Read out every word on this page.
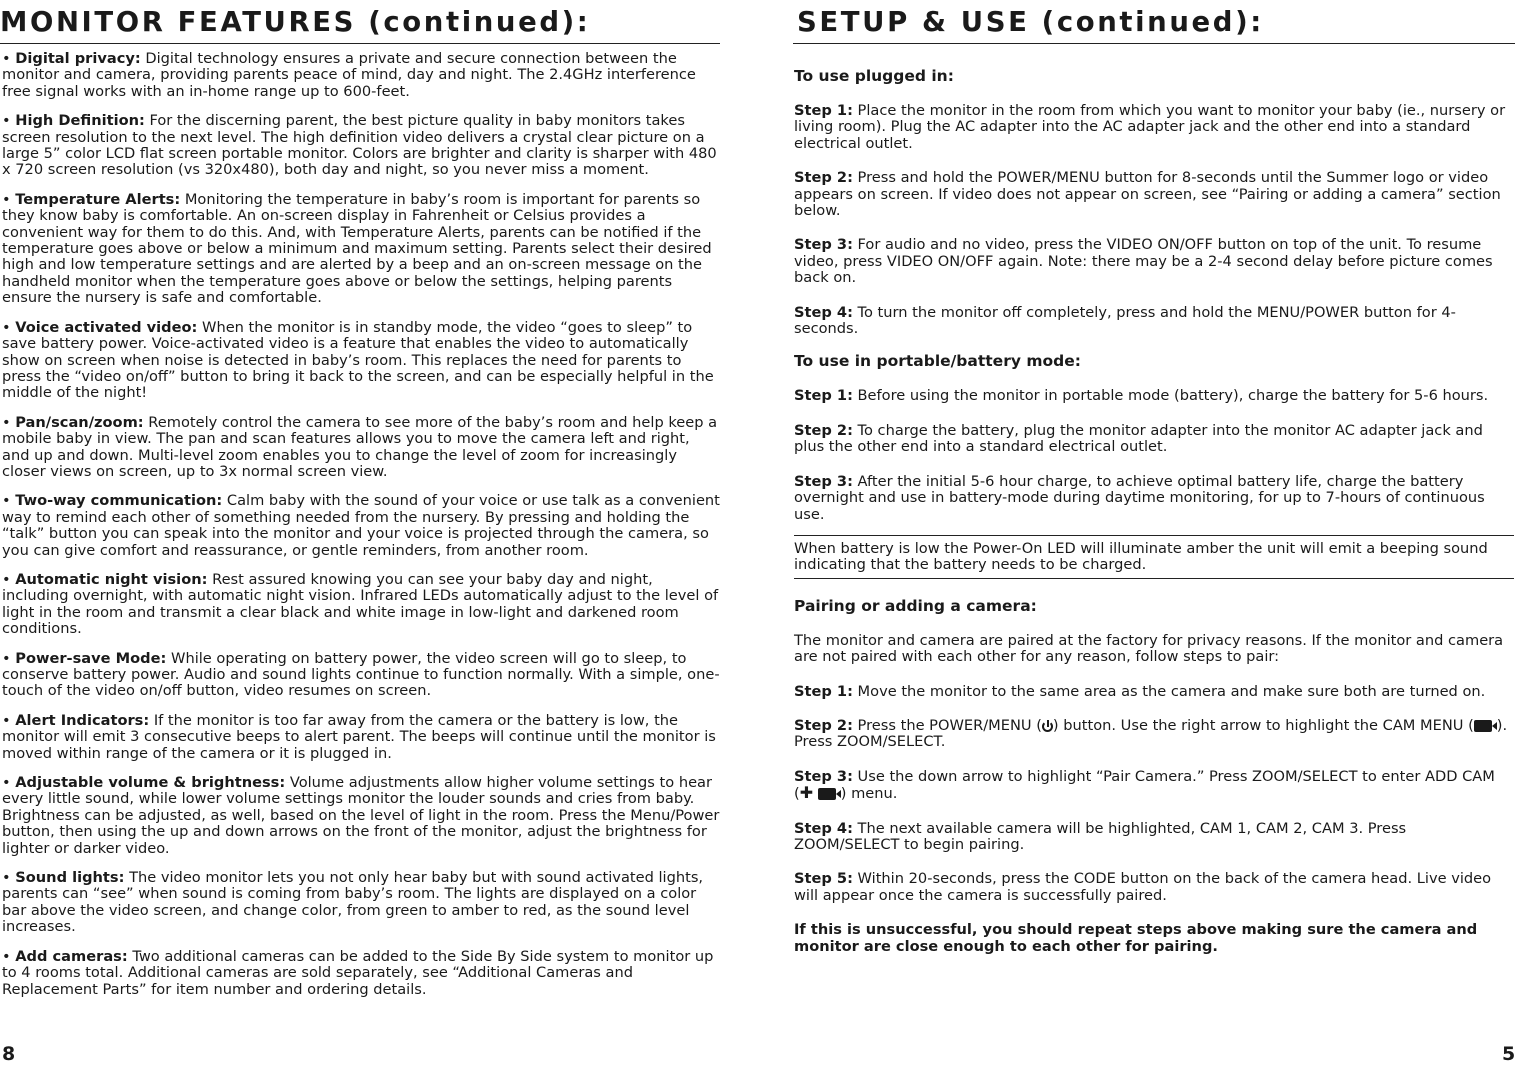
MONITOR FEATURES (continued):

• Digital privacy: Digital technology ensures a private and secure connection between the monitor and camera, providing parents peace of mind, day and night. The 2.4GHz interference free signal works with an in-home range up to 600-feet.

• High Definition: For the discerning parent, the best picture quality in baby monitors takes screen resolution to the next level. The high definition video delivers a crystal clear picture on a large 5” color LCD flat screen portable monitor. Colors are brighter and clarity is sharper with 480 x 720 screen resolution (vs 320x480), both day and night, so you never miss a moment.

• Temperature Alerts: Monitoring the temperature in baby’s room is important for parents so they know baby is comfortable. An on-screen display in Fahrenheit or Celsius provides a convenient way for them to do this. And, with Temperature Alerts, parents can be notified if the temperature goes above or below a minimum and maximum setting. Parents select their desired high and low temperature settings and are alerted by a beep and an on-screen message on the handheld monitor when the temperature goes above or below the settings, helping parents ensure the nursery is safe and comfortable.

• Voice activated video: When the monitor is in standby mode, the video “goes to sleep” to save battery power. Voice-activated video is a feature that enables the video to automatically show on screen when noise is detected in baby’s room. This replaces the need for parents to press the “video on/off” button to bring it back to the screen, and can be especially helpful in the middle of the night!

• Pan/scan/zoom: Remotely control the camera to see more of the baby’s room and help keep a mobile baby in view. The pan and scan features allows you to move the camera left and right, and up and down. Multi-level zoom enables you to change the level of zoom for increasingly closer views on screen, up to 3x normal screen view.

• Two-way communication: Calm baby with the sound of your voice or use talk as a convenient way to remind each other of something needed from the nursery. By pressing and holding the “talk” button you can speak into the monitor and your voice is projected through the camera, so you can give comfort and reassurance, or gentle reminders, from another room.

• Automatic night vision: Rest assured knowing you can see your baby day and night, including overnight, with automatic night vision. Infrared LEDs automatically adjust to the level of light in the room and transmit a clear black and white image in low-light and darkened room conditions.

• Power-save Mode: While operating on battery power, the video screen will go to sleep, to conserve battery power. Audio and sound lights continue to function normally. With a simple, one-touch of the video on/off button, video resumes on screen.

• Alert Indicators: If the monitor is too far away from the camera or the battery is low, the monitor will emit 3 consecutive beeps to alert parent. The beeps will continue until the monitor is moved within range of the camera or it is plugged in.

• Adjustable volume & brightness: Volume adjustments allow higher volume settings to hear every little sound, while lower volume settings monitor the louder sounds and cries from baby. Brightness can be adjusted, as well, based on the level of light in the room. Press the Menu/Power button, then using the up and down arrows on the front of the monitor, adjust the brightness for lighter or darker video.

• Sound lights: The video monitor lets you not only hear baby but with sound activated lights, parents can “see” when sound is coming from baby’s room. The lights are displayed on a color bar above the video screen, and change color, from green to amber to red, as the sound level increases.

• Add cameras: Two additional cameras can be added to the Side By Side system to monitor up to 4 rooms total. Additional cameras are sold separately, see “Additional Cameras and Replacement Parts” for item number and ordering details.

8
SETUP & USE (continued):
To use plugged in:

Step 1: Place the monitor in the room from which you want to monitor your baby (ie., nursery or living room). Plug the AC adapter into the AC adapter jack and the other end into a standard electrical outlet.

Step 2: Press and hold the POWER/MENU button for 8-seconds until the Summer logo or video appears on screen. If video does not appear on screen, see “Pairing or adding a camera” section below.

Step 3: For audio and no video, press the VIDEO ON/OFF button on top of the unit. To resume video, press VIDEO ON/OFF again. Note: there may be a 2-4 second delay before picture comes back on.

Step 4: To turn the monitor off completely, press and hold the MENU/POWER button for 4-seconds.

To use in portable/battery mode:

Step 1: Before using the monitor in portable mode (battery), charge the battery for 5-6 hours.

Step 2: To charge the battery, plug the monitor adapter into the monitor AC adapter jack and plus the other end into a standard electrical outlet.

Step 3: After the initial 5-6 hour charge, to achieve optimal battery life, charge the battery overnight and use in battery-mode during daytime monitoring, for up to 7-hours of continuous use.

When battery is low the Power-On LED will illuminate amber the unit will emit a beeping sound indicating that the battery needs to be charged.
Pairing or adding a camera:

The monitor and camera are paired at the factory for privacy reasons. If the monitor and camera are not paired with each other for any reason, follow steps to pair:

Step 1: Move the monitor to the same area as the camera and make sure both are turned on.

Step 2: Press the POWER/MENU ( ) button. Use the right arrow to highlight the CAM MENU ( ). Press ZOOM/SELECT.

Step 3: Use the down arrow to highlight “Pair Camera.” Press ZOOM/SELECT to enter ADD CAM (✚ ) menu.

Step 4: The next available camera will be highlighted, CAM 1, CAM 2, CAM 3. Press ZOOM/SELECT to begin pairing.

Step 5: Within 20-seconds, press the CODE button on the back of the camera head. Live video will appear once the camera is successfully paired.

If this is unsuccessful, you should repeat steps above making sure the camera and monitor are close enough to each other for pairing.

5
